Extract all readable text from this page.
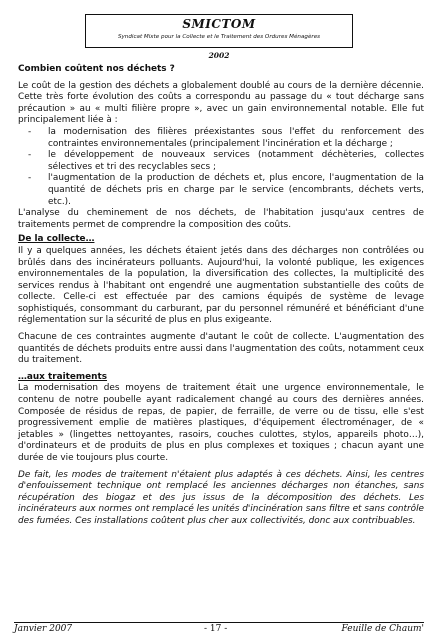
SMICTOM
Syndicat Mixte pour la Collecte et le Traitement des Ordures Ménagères
2002

Combien coûtent nos déchets ?

Le coût de la gestion des déchets a globalement doublé au cours de la dernière décennie. Cette très forte évolution des coûts a correspondu au passage du « tout décharge sans précaution » au « multi filière propre », avec un gain environnemental notable. Elle fut principalement liée à :

- la modernisation des filières préexistantes sous l'effet du renforcement des contraintes environnementales (principalement l'incinération et la décharge ;
- le développement de nouveaux services (notamment déchèteries, collectes sélectives et tri des recyclables secs ;
- l'augmentation de la production de déchets et, plus encore, l'augmentation de la quantité de déchets pris en charge par le service (encombrants, déchets verts, etc.).

L'analyse du cheminement de nos déchets, de l'habitation jusqu'aux centres de traitements permet de comprendre la composition des coûts.

De la collecte…

Il y a quelques années, les déchets étaient jetés dans des décharges non contrôlées ou brûlés dans des incinérateurs polluants. Aujourd'hui, la volonté publique, les exigences environnementales de la population, la diversification des collectes, la multiplicité des services rendus à l'habitant ont engendré une augmentation substantielle des coûts de collecte. Celle-ci est effectuée par des camions équipés de système de levage sophistiqués, consommant du carburant, par du personnel rémunéré et bénéficiant d'une réglementation sur la sécurité de plus en plus exigeante.

Chacune de ces contraintes augmente d'autant le coût de collecte. L'augmentation des quantités de déchets produits entre aussi dans l'augmentation des coûts, notamment ceux du traitement.

…aux traitements

La modernisation des moyens de traitement était une urgence environnementale, le contenu de notre poubelle ayant radicalement changé au cours des dernières années. Composée de résidus de repas, de papier, de ferraille, de verre ou de tissu, elle s'est progressivement emplie de matières plastiques, d'équipement électroménager, de « jetables » (lingettes nettoyantes, rasoirs, couches culottes, stylos, appareils photo…), d'ordinateurs et de produits de plus en plus complexes et toxiques ; chacun ayant une durée de vie toujours plus courte.

De fait, les modes de traitement n'étaient plus adaptés à ces déchets. Ainsi, les centres d'enfouissement technique ont remplacé les anciennes décharges non étanches, sans récupération des biogaz et des jus issus de la décomposition des déchets. Les incinérateurs aux normes ont remplacé les unités d'incinération sans filtre et sans contrôle des fumées. Ces installations coûtent plus cher aux collectivités, donc aux contribuables.

Janvier 2007	- 17 -	Feuille de Chaum'
